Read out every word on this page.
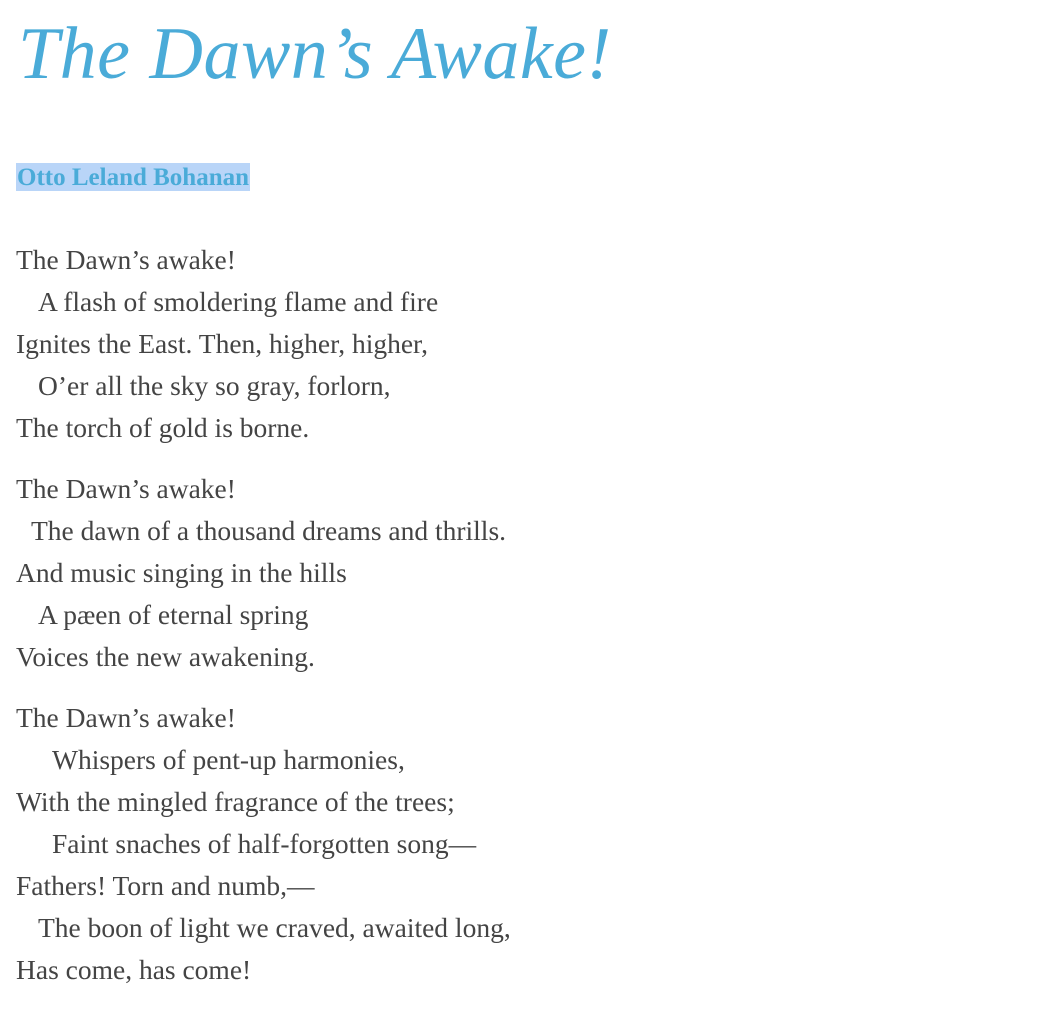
The Dawn’s Awake!

Otto Leland Bohanan

The Dawn’s awake!
A flash of smoldering flame and fire
Ignites the East. Then, higher, higher,
O’er all the sky so gray, forlorn,
The torch of gold is borne.
The Dawn’s awake!
The dawn of a thousand dreams and thrills.
And music singing in the hills
A pæen of eternal spring
Voices the new awakening.
The Dawn’s awake!
Whispers of pent-up harmonies,
With the mingled fragrance of the trees;
Faint snaches of half-forgotten song—
Fathers! Torn and numb,—
The boon of light we craved, awaited long,
Has come, has come!
